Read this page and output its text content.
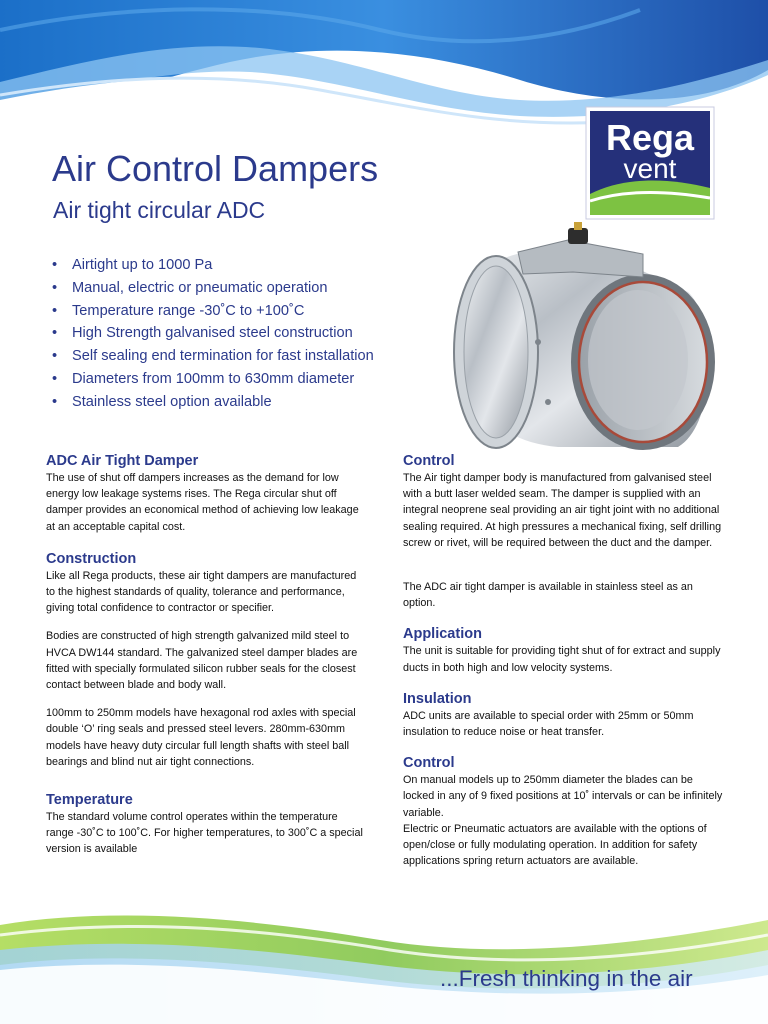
Rega
vent
Air Control Dampers
Air tight circular ADC
• Airtight up to 1000 Pa
• Manual, electric or pneumatic operation
• Temperature range -30˚C to +100˚C
• High Strength galvanised steel construction
• Self sealing end termination for fast installation
• Diameters from 100mm to 630mm diameter
• Stainless steel option available
ADC Air Tight Damper

The use of shut off dampers increases as the demand for low energy low leakage systems rises. The Rega circular shut off damper provides an economical method of achieving low leakage at an acceptable capital cost.

Construction

Like all Rega products, these air tight dampers are manufactured to the highest standards of quality, tolerance and performance, giving total confidence to contractor or specifier.

Bodies are constructed of high strength galvanized mild steel to HVCA DW144 standard. The galvanized steel damper blades are fitted with specially formulated silicon rubber seals for the closest contact between blade and body wall.

100mm to 250mm models have hexagonal rod axles with special double ‘O’ ring seals and pressed steel levers. 280mm-630mm models have heavy duty circular full length shafts with steel ball bearings and blind nut air tight connections.

Temperature

The standard volume control operates within the temperature range -30˚C to 100˚C. For higher temperatures, to 300˚C a special version is available

Control

The Air tight damper body is manufactured from galvanised steel with a butt laser welded seam. The damper is supplied with an integral neoprene seal providing an air tight joint with no additional sealing required. At high pressures a mechanical fixing, self drilling screw or rivet, will be required between the duct and the damper.

The ADC air tight damper is available in stainless steel as an option.

Application

The unit is suitable for providing tight shut of for extract and supply ducts in both high and low velocity systems.

Insulation

ADC units are available to special order with 25mm or 50mm insulation to reduce noise or heat transfer.

Control

On manual models up to 250mm diameter the blades can be locked in any of 9 fixed positions at 10˚ intervals or can be infinitely variable.

Electric or Pneumatic actuators are available with the options of open/close or fully modulating operation. In addition for safety applications spring return actuators are available.

...Fresh thinking in the air
